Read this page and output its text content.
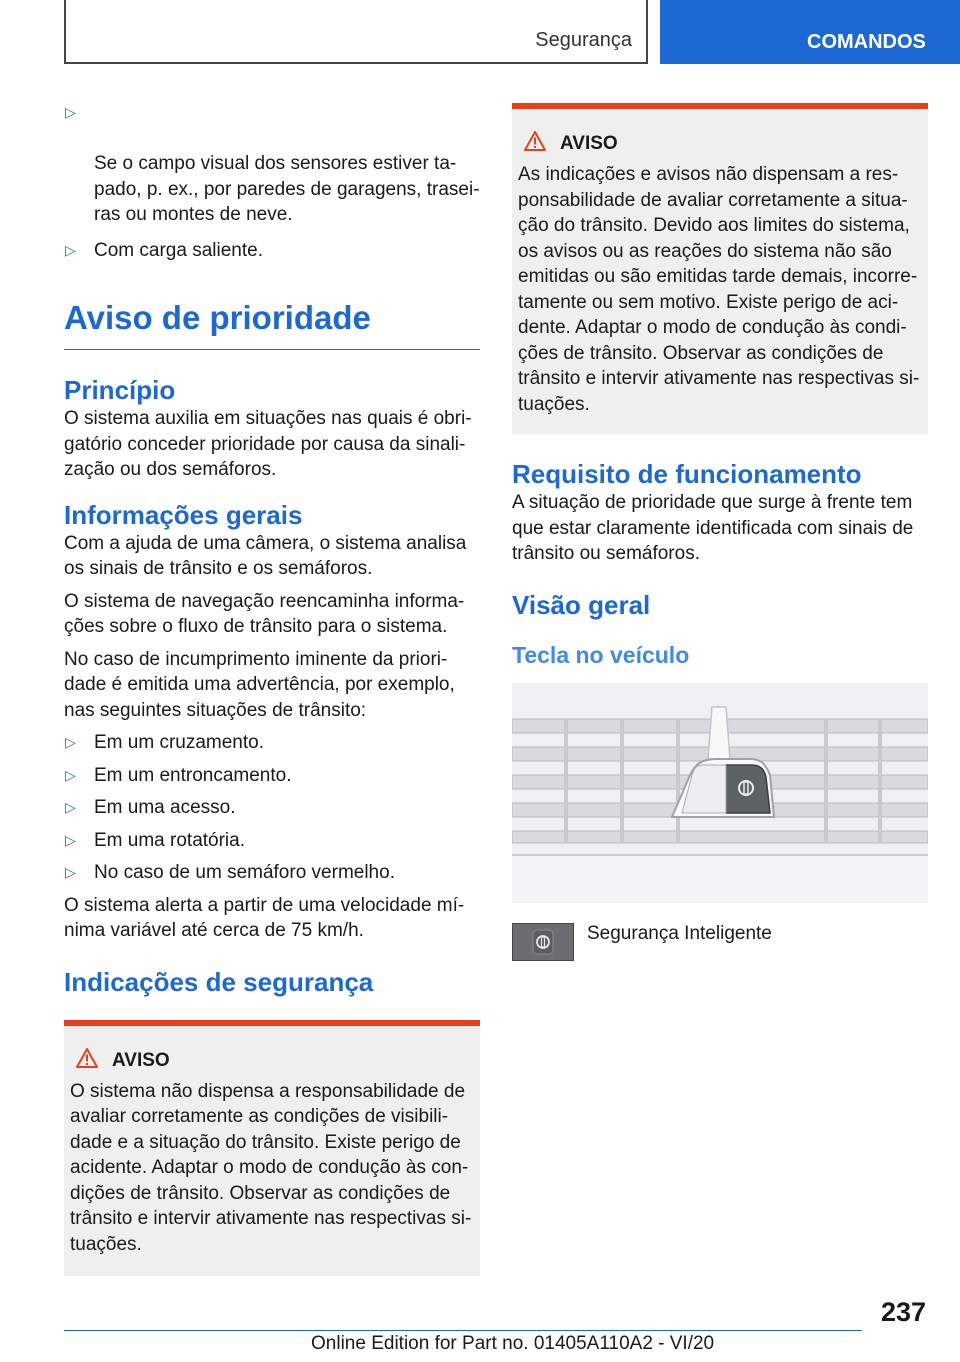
Segurança	COMANDOS

▷

Se o campo visual dos sensores estiver ta-
pado, p. ex., por paredes de garagens, trasei-
ras ou montes de neve.

▷ Com carga saliente.
Aviso de prioridade
Princípio

O sistema auxilia em situações nas quais é obri-
gatório conceder prioridade por causa da sinali-
zação ou dos semáforos.

Informações gerais

Com a ajuda de uma câmera, o sistema analisa
os sinais de trânsito e os semáforos.

O sistema de navegação reencaminha informa-
ções sobre o fluxo de trânsito para o sistema.

No caso de incumprimento iminente da priori-
dade é emitida uma advertência, por exemplo,
nas seguintes situações de trânsito:

▷ Em um cruzamento.
▷ Em um entroncamento.
▷ Em uma acesso.
▷ Em uma rotatória.
▷ No caso de um semáforo vermelho.

O sistema alerta a partir de uma velocidade mí-
nima variável até cerca de 75 km/h.

Indicações de segurança
AVISO

O sistema não dispensa a responsabilidade de
avaliar corretamente as condições de visibili-
dade e a situação do trânsito. Existe perigo de
acidente. Adaptar o modo de condução às con-
dições de trânsito. Observar as condições de
trânsito e intervir ativamente nas respectivas si-
tuações.

AVISO

As indicações e avisos não dispensam a res-
ponsabilidade de avaliar corretamente a situa-
ção do trânsito. Devido aos limites do sistema,
os avisos ou as reações do sistema não são
emitidas ou são emitidas tarde demais, incorre-
tamente ou sem motivo. Existe perigo de aci-
dente. Adaptar o modo de condução às condi-
ções de trânsito. Observar as condições de
trânsito e intervir ativamente nas respectivas si-
tuações.

Requisito de funcionamento

A situação de prioridade que surge à frente tem
que estar claramente identificada com sinais de
trânsito ou semáforos.

Visão geral
Tecla no veículo
Segurança Inteligente
237
Online Edition for Part no. 01405A110A2 - VI/20
